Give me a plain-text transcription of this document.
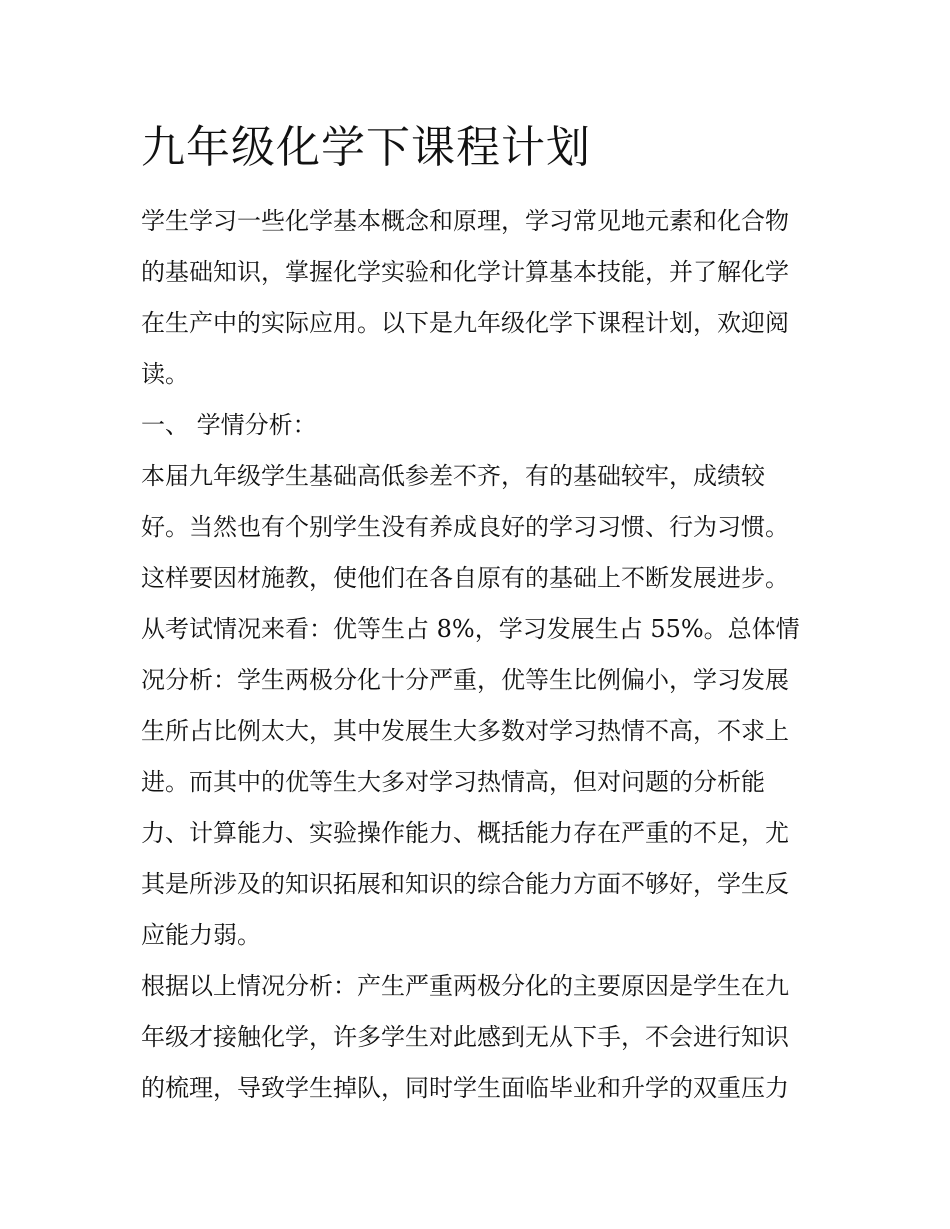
九年级化学下课程计划

学生学习一些化学基本概念和原理，学习常见地元素和化合物
的基础知识，掌握化学实验和化学计算基本技能，并了解化学
在生产中的实际应用。以下是九年级化学下课程计划，欢迎阅
读。

一、 学情分析：

本届九年级学生基础高低参差不齐，有的基础较牢，成绩较
好。当然也有个别学生没有养成良好的学习习惯、行为习惯。
这样要因材施教，使他们在各自原有的基础上不断发展进步。
从考试情况来看：优等生占 8%，学习发展生占 55%。总体情
况分析：学生两极分化十分严重，优等生比例偏小，学习发展
生所占比例太大，其中发展生大多数对学习热情不高，不求上
进。而其中的优等生大多对学习热情高，但对问题的分析能
力、计算能力、实验操作能力、概括能力存在严重的不足，尤
其是所涉及的知识拓展和知识的综合能力方面不够好，学生反
应能力弱。

根据以上情况分析：产生严重两极分化的主要原因是学生在九
年级才接触化学，许多学生对此感到无从下手，不会进行知识
的梳理，导致学生掉队，同时学生面临毕业和升学的双重压力
